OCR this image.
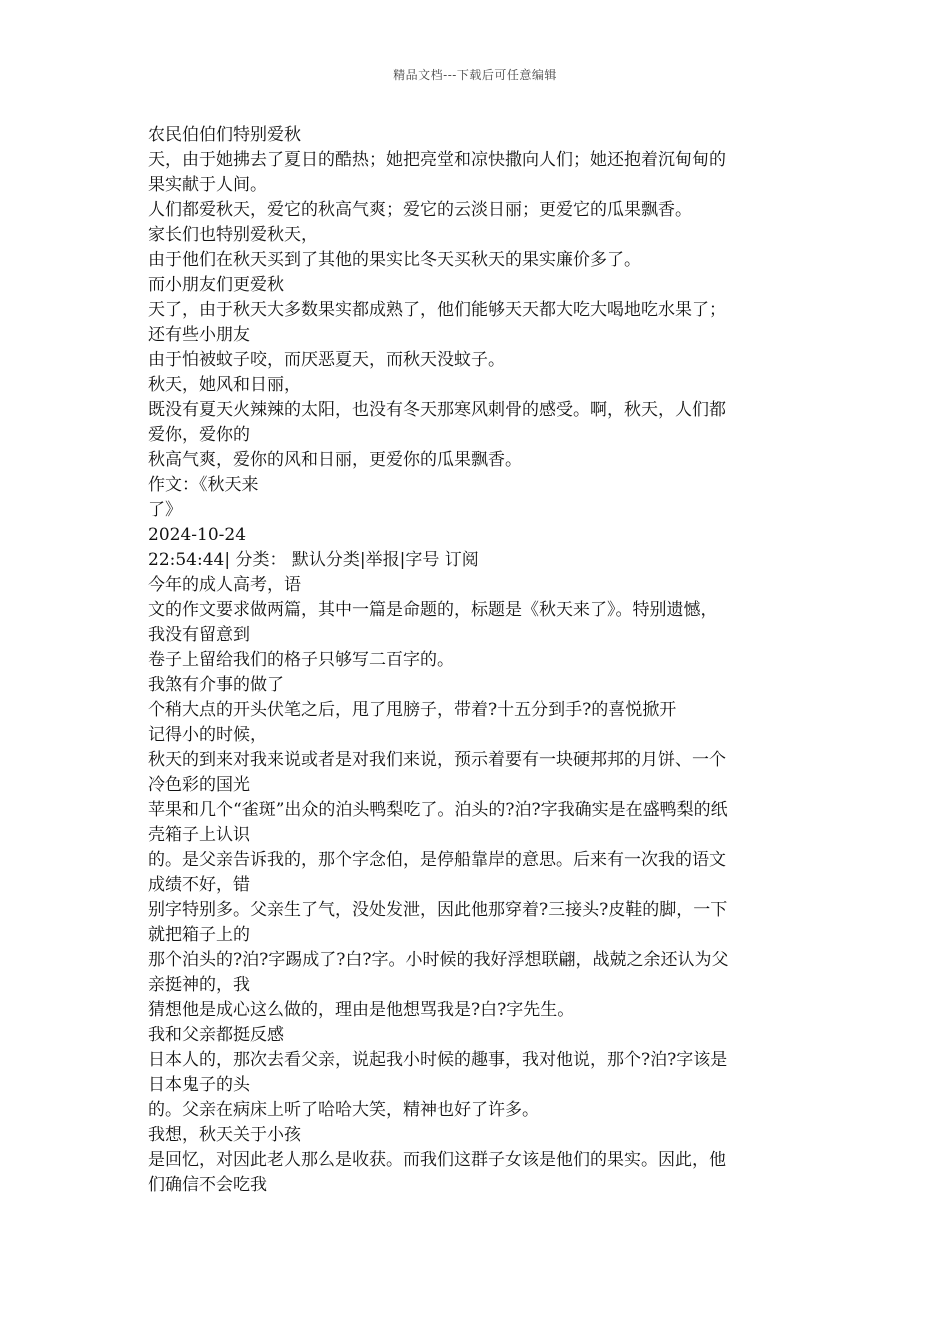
精品文档---下载后可任意编辑
农民伯伯们特别爱秋
天，由于她拂去了夏日的酷热；她把亮堂和凉快撒向人们；她还抱着沉甸甸的
果实献于人间。
人们都爱秋天，爱它的秋高气爽；爱它的云淡日丽；更爱它的瓜果飘香。
家长们也特别爱秋天，
由于他们在秋天买到了其他的果实比冬天买秋天的果实廉价多了。
而小朋友们更爱秋
天了，由于秋天大多数果实都成熟了，他们能够天天都大吃大喝地吃水果了；
还有些小朋友
由于怕被蚊子咬，而厌恶夏天，而秋天没蚊子。
秋天，她风和日丽，
既没有夏天火辣辣的太阳，也没有冬天那寒风刺骨的感受。啊，秋天，人们都
爱你，爱你的
秋高气爽，爱你的风和日丽，更爱你的瓜果飘香。
作文：《秋天来
了》
2024-10-24
22:54:44| 分类： 默认分类|举报|字号 订阅
今年的成人高考，语
文的作文要求做两篇，其中一篇是命题的，标题是《秋天来了》。特别遗憾，
我没有留意到
卷子上留给我们的格子只够写二百字的。
我煞有介事的做了
个稍大点的开头伏笔之后，甩了甩膀子，带着?十五分到手?的喜悦掀开
记得小的时候，
秋天的到来对我来说或者是对我们来说，预示着要有一块硬邦邦的月饼、一个
冷色彩的国光
苹果和几个“雀斑”出众的泊头鸭梨吃了。泊头的?泊?字我确实是在盛鸭梨的纸
壳箱子上认识
的。是父亲告诉我的，那个字念伯，是停船靠岸的意思。后来有一次我的语文
成绩不好，错
别字特别多。父亲生了气，没处发泄，因此他那穿着?三接头?皮鞋的脚，一下
就把箱子上的
那个泊头的?泊?字踢成了?白?字。小时候的我好浮想联翩，战兢之余还认为父
亲挺神的，我
猜想他是成心这么做的，理由是他想骂我是?白?字先生。
我和父亲都挺反感
日本人的，那次去看父亲，说起我小时候的趣事，我对他说，那个?泊?字该是
日本鬼子的头
的。父亲在病床上听了哈哈大笑，精神也好了许多。
我想，秋天关于小孩
是回忆，对因此老人那么是收获。而我们这群子女该是他们的果实。因此，他
们确信不会吃我
